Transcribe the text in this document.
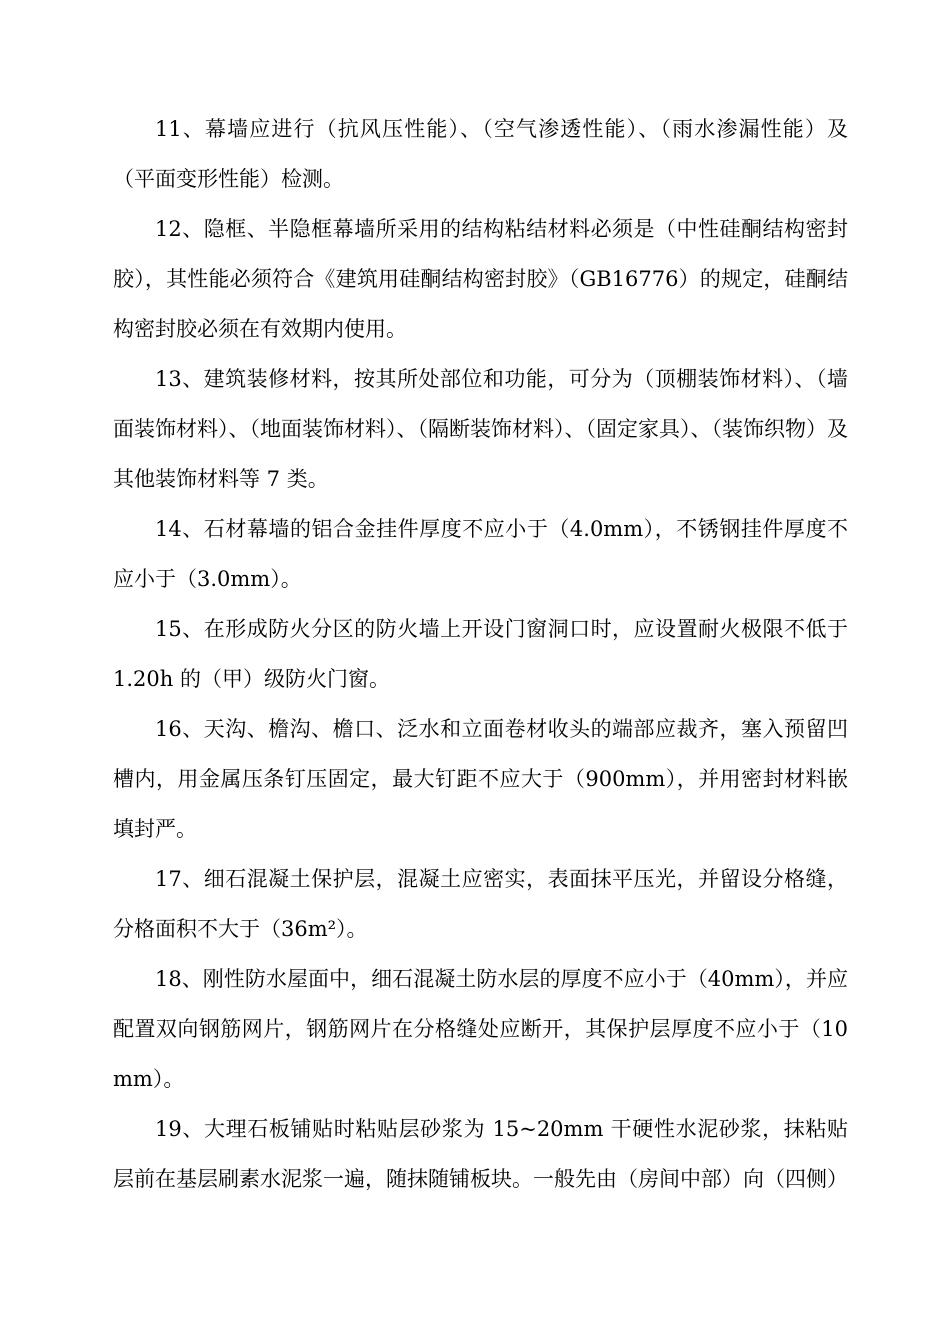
11、幕墙应进行（抗风压性能）、（空气渗透性能）、（雨水渗漏性能）及（平面变形性能）检测。

12、隐框、半隐框幕墙所采用的结构粘结材料必须是（中性硅酮结构密封胶），其性能必须符合《建筑用硅酮结构密封胶》（GB16776）的规定，硅酮结构密封胶必须在有效期内使用。

13、建筑装修材料，按其所处部位和功能，可分为（顶棚装饰材料）、（墙面装饰材料）、（地面装饰材料）、（隔断装饰材料）、（固定家具）、（装饰织物）及其他装饰材料等 7 类。

14、石材幕墙的铝合金挂件厚度不应小于（4.0mm），不锈钢挂件厚度不应小于（3.0mm）。

15、在形成防火分区的防火墙上开设门窗洞口时，应设置耐火极限不低于 1.20h 的（甲）级防火门窗。

16、天沟、檐沟、檐口、泛水和立面卷材收头的端部应裁齐，塞入预留凹槽内，用金属压条钉压固定，最大钉距不应大于（900mm），并用密封材料嵌填封严。

17、细石混凝土保护层，混凝土应密实，表面抹平压光，并留设分格缝，分格面积不大于（36m²）。

18、刚性防水屋面中，细石混凝土防水层的厚度不应小于（40mm），并应配置双向钢筋网片，钢筋网片在分格缝处应断开，其保护层厚度不应小于（10mm）。

19、大理石板铺贴时粘贴层砂浆为 15~20mm 干硬性水泥砂浆，抹粘贴层前在基层刷素水泥浆一遍，随抹随铺板块。一般先由（房间中部）向（四侧）
